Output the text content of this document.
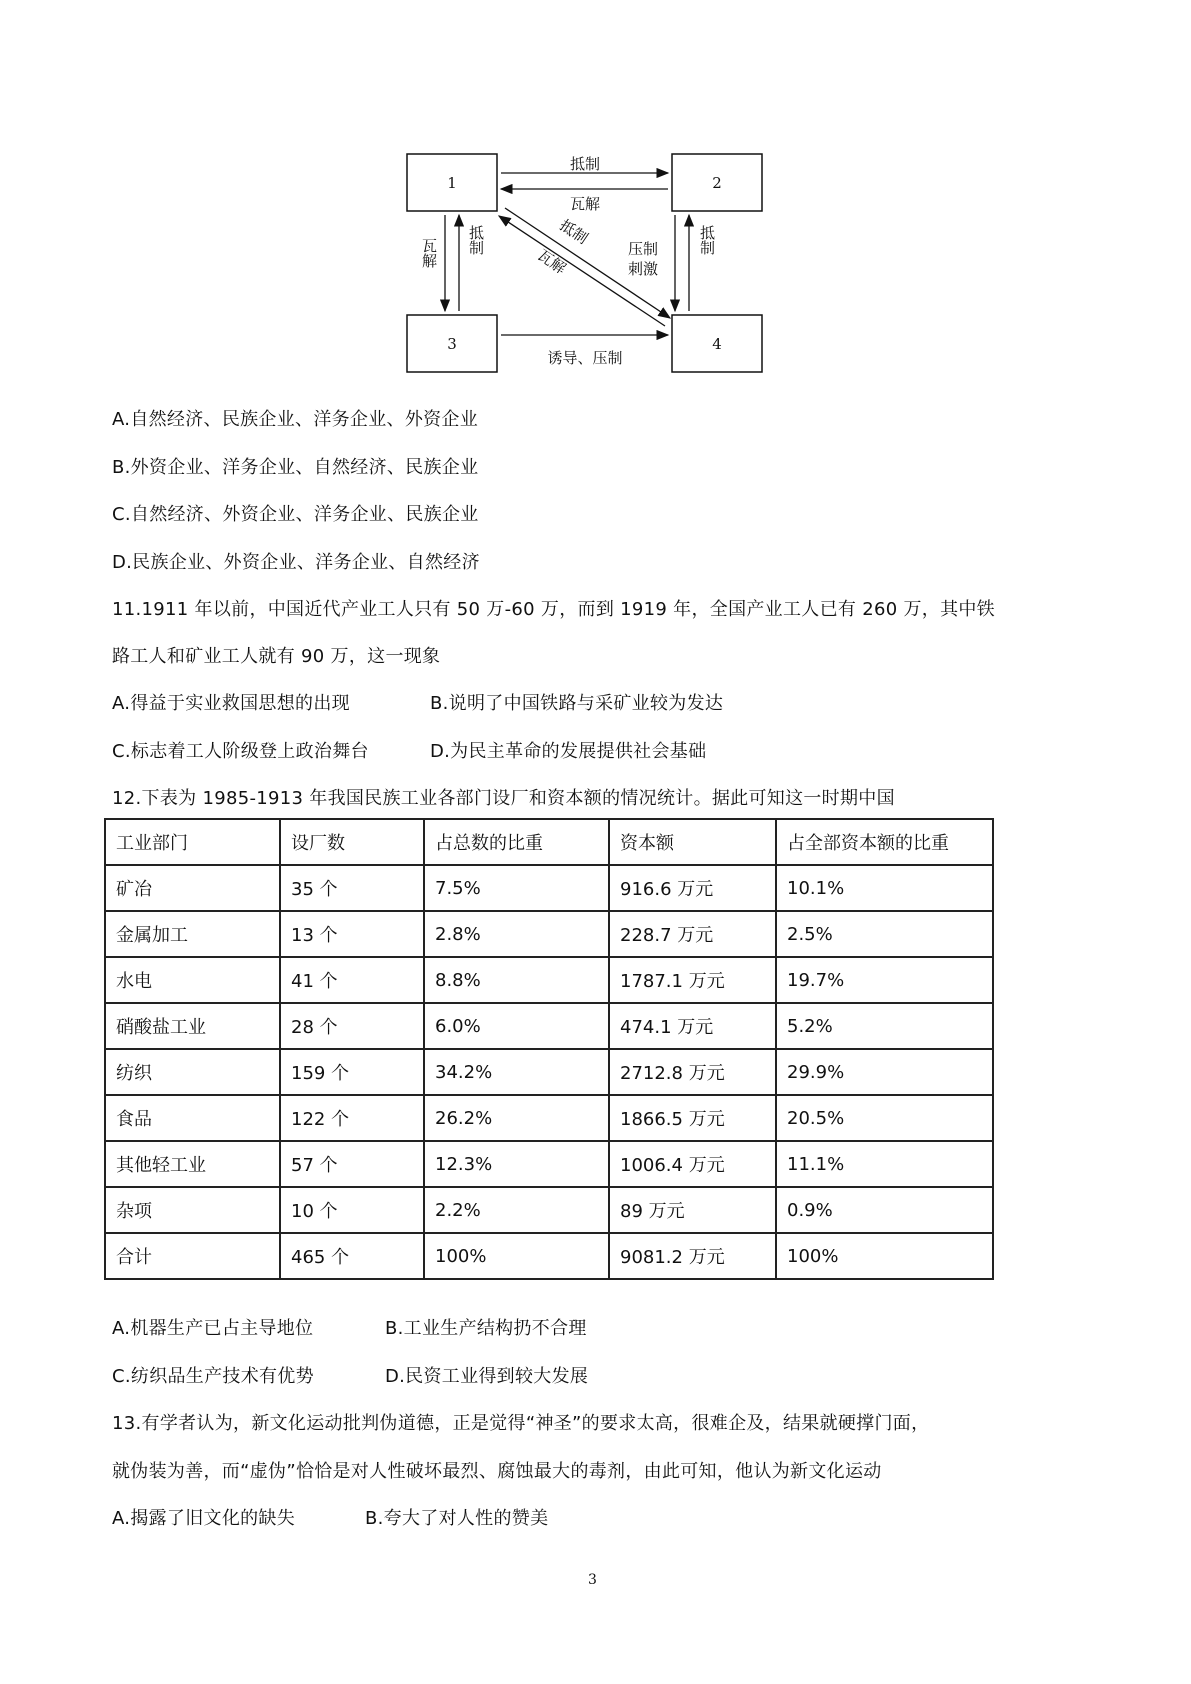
1	2
3	4
抵制
瓦解
瓦解 抵制	抵制
瓦解	压制
刺激
抵制
诱导、压制
A.自然经济、民族企业、洋务企业、外资企业
B.外资企业、洋务企业、自然经济、民族企业
C.自然经济、外资企业、洋务企业、民族企业
D.民族企业、外资企业、洋务企业、自然经济
11.1911 年以前，中国近代产业工人只有 50 万-60 万，而到 1919 年，全国产业工人已有 260 万，其中铁
路工人和矿业工人就有 90 万，这一现象
A.得益于实业救国思想的出现	B.说明了中国铁路与采矿业较为发达
C.标志着工人阶级登上政治舞台	D.为民主革命的发展提供社会基础
12.下表为 1985-1913 年我国民族工业各部门设厂和资本额的情况统计。据此可知这一时期中国
工业部门	设厂数	占总数的比重	资本额	占全部资本额的比重
矿冶	35 个	7.5%	916.6 万元	10.1%
金属加工	13 个	2.8%	228.7 万元	2.5%
水电	41 个	8.8%	1787.1 万元	19.7%
硝酸盐工业	28 个	6.0%	474.1 万元	5.2%
纺织	159 个	34.2%	2712.8 万元	29.9%
食品	122 个	26.2%	1866.5 万元	20.5%
其他轻工业	57 个	12.3%	1006.4 万元	11.1%
杂项	10 个	2.2%	89 万元	0.9%
合计	465 个	100%	9081.2 万元	100%
A.机器生产已占主导地位	B.工业生产结构扔不合理
C.纺织品生产技术有优势	D.民资工业得到较大发展
13.有学者认为，新文化运动批判伪道德，正是觉得“神圣”的要求太高，很难企及，结果就硬撑门面，
就伪装为善，而“虚伪”恰恰是对人性破坏最烈、腐蚀最大的毒剂，由此可知，他认为新文化运动
A.揭露了旧文化的缺失	B.夸大了对人性的赞美
3
